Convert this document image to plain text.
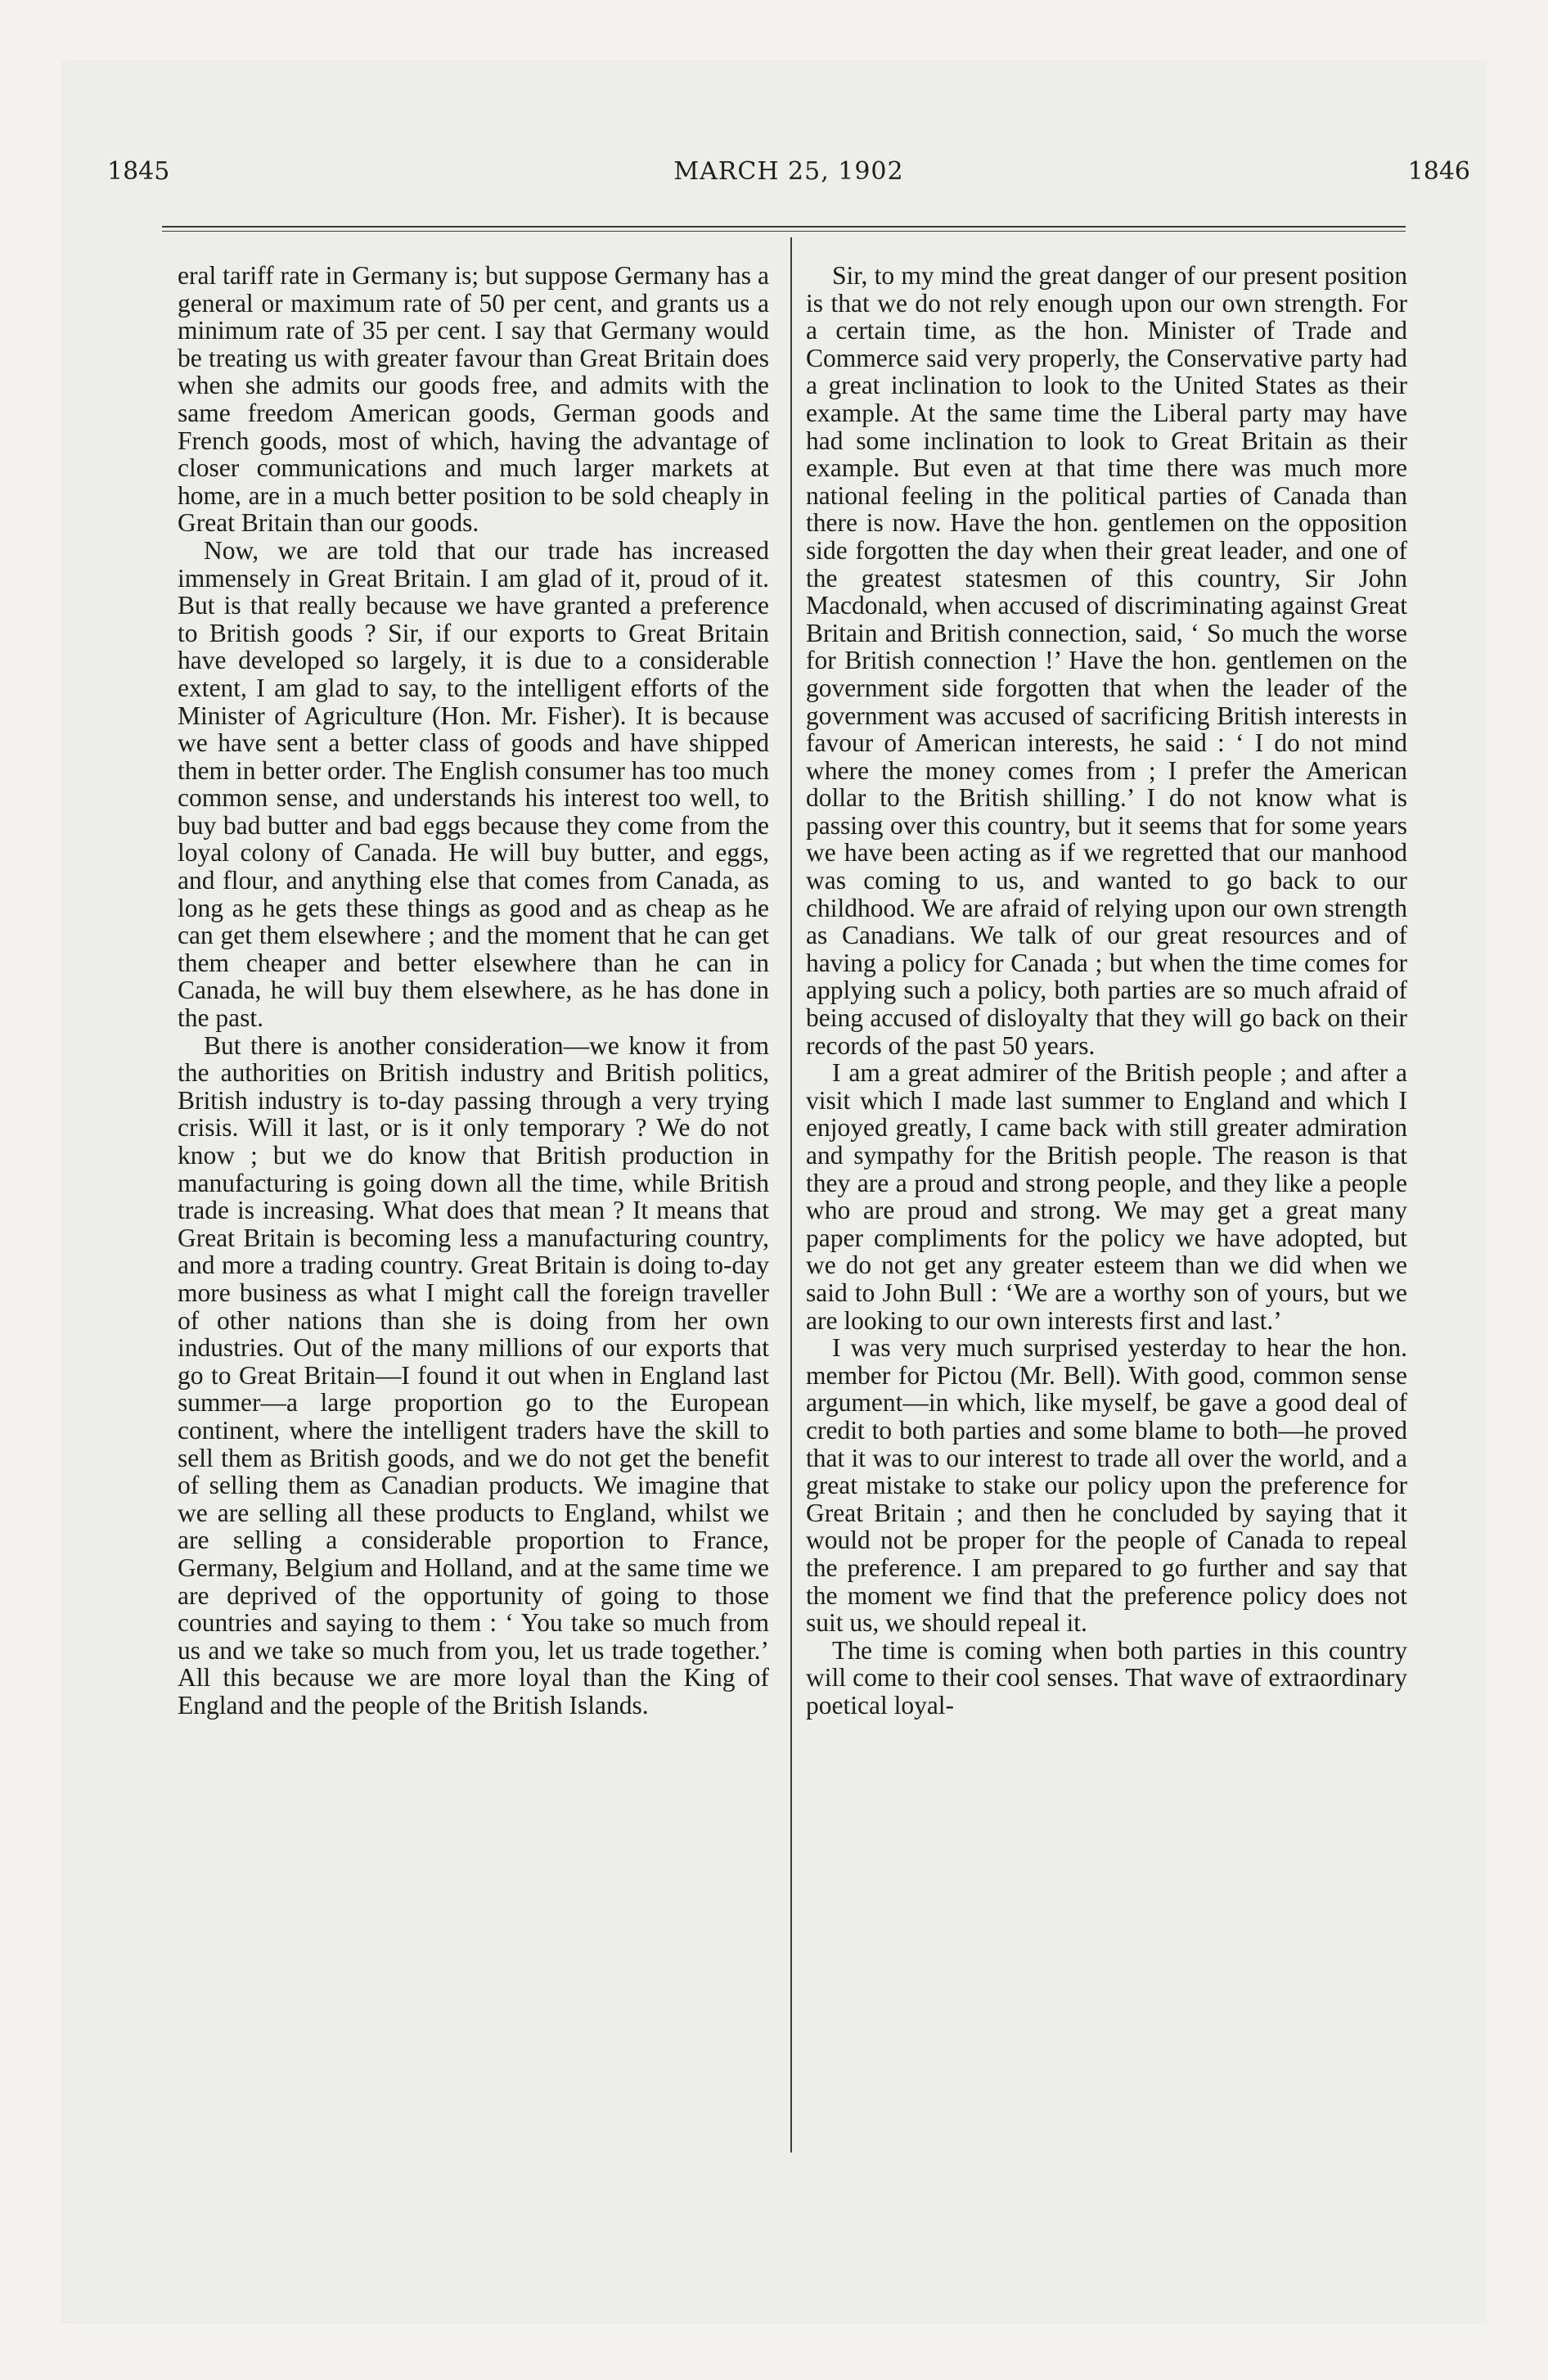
1845	MARCH 25, 1902	1846

eral tariff rate in Germany is; but suppose Germany has a general or maximum rate of 50 per cent, and grants us a minimum rate of 35 per cent. I say that Germany would be treating us with greater favour than Great Britain does when she admits our goods free, and admits with the same freedom American goods, German goods and French goods, most of which, having the advantage of closer communications and much larger markets at home, are in a much better position to be sold cheaply in Great Britain than our goods.

Now, we are told that our trade has increased immensely in Great Britain. I am glad of it, proud of it. But is that really because we have granted a preference to British goods ? Sir, if our exports to Great Britain have developed so largely, it is due to a considerable extent, I am glad to say, to the intelligent efforts of the Minister of Agriculture (Hon. Mr. Fisher). It is because we have sent a better class of goods and have shipped them in better order. The English consumer has too much common sense, and understands his interest too well, to buy bad butter and bad eggs because they come from the loyal colony of Canada. He will buy butter, and eggs, and flour, and anything else that comes from Canada, as long as he gets these things as good and as cheap as he can get them elsewhere ; and the moment that he can get them cheaper and better elsewhere than he can in Canada, he will buy them elsewhere, as he has done in the past.

But there is another consideration—we know it from the authorities on British industry and British politics, British industry is to-day passing through a very trying crisis. Will it last, or is it only temporary ? We do not know ; but we do know that British production in manufacturing is going down all the time, while British trade is increasing. What does that mean ? It means that Great Britain is becoming less a manufacturing country, and more a trading country. Great Britain is doing to-day more business as what I might call the foreign traveller of other nations than she is doing from her own industries. Out of the many millions of our exports that go to Great Britain—I found it out when in England last summer—a large proportion go to the European continent, where the intelligent traders have the skill to sell them as British goods, and we do not get the benefit of selling them as Canadian products. We imagine that we are selling all these products to England, whilst we are selling a considerable proportion to France, Germany, Belgium and Holland, and at the same time we are deprived of the opportunity of going to those countries and saying to them : ‘ You take so much from us and we take so much from you, let us trade together.’ All this because we are more loyal than the King of England and the people of the British Islands.

Sir, to my mind the great danger of our present position is that we do not rely enough upon our own strength. For a certain time, as the hon. Minister of Trade and Commerce said very properly, the Conservative party had a great inclination to look to the United States as their example. At the same time the Liberal party may have had some inclination to look to Great Britain as their example. But even at that time there was much more national feeling in the political parties of Canada than there is now. Have the hon. gentlemen on the opposition side forgotten the day when their great leader, and one of the greatest statesmen of this country, Sir John Macdonald, when accused of discriminating against Great Britain and British connection, said, ‘ So much the worse for British connection !’ Have the hon. gentlemen on the government side forgotten that when the leader of the government was accused of sacrificing British interests in favour of American interests, he said : ‘ I do not mind where the money comes from ; I prefer the American dollar to the British shilling.’ I do not know what is passing over this country, but it seems that for some years we have been acting as if we regretted that our manhood was coming to us, and wanted to go back to our childhood. We are afraid of relying upon our own strength as Canadians. We talk of our great resources and of having a policy for Canada ; but when the time comes for applying such a policy, both parties are so much afraid of being accused of disloyalty that they will go back on their records of the past 50 years.

I am a great admirer of the British people ; and after a visit which I made last summer to England and which I enjoyed greatly, I came back with still greater admiration and sympathy for the British people. The reason is that they are a proud and strong people, and they like a people who are proud and strong. We may get a great many paper compliments for the policy we have adopted, but we do not get any greater esteem than we did when we said to John Bull : ‘We are a worthy son of yours, but we are looking to our own interests first and last.’

I was very much surprised yesterday to hear the hon. member for Pictou (Mr. Bell). With good, common sense argument—in which, like myself, be gave a good deal of credit to both parties and some blame to both—he proved that it was to our interest to trade all over the world, and a great mistake to stake our policy upon the preference for Great Britain ; and then he concluded by saying that it would not be proper for the people of Canada to repeal the preference. I am prepared to go further and say that the moment we find that the preference policy does not suit us, we should repeal it.

The time is coming when both parties in this country will come to their cool senses. That wave of extraordinary poetical loyal-
